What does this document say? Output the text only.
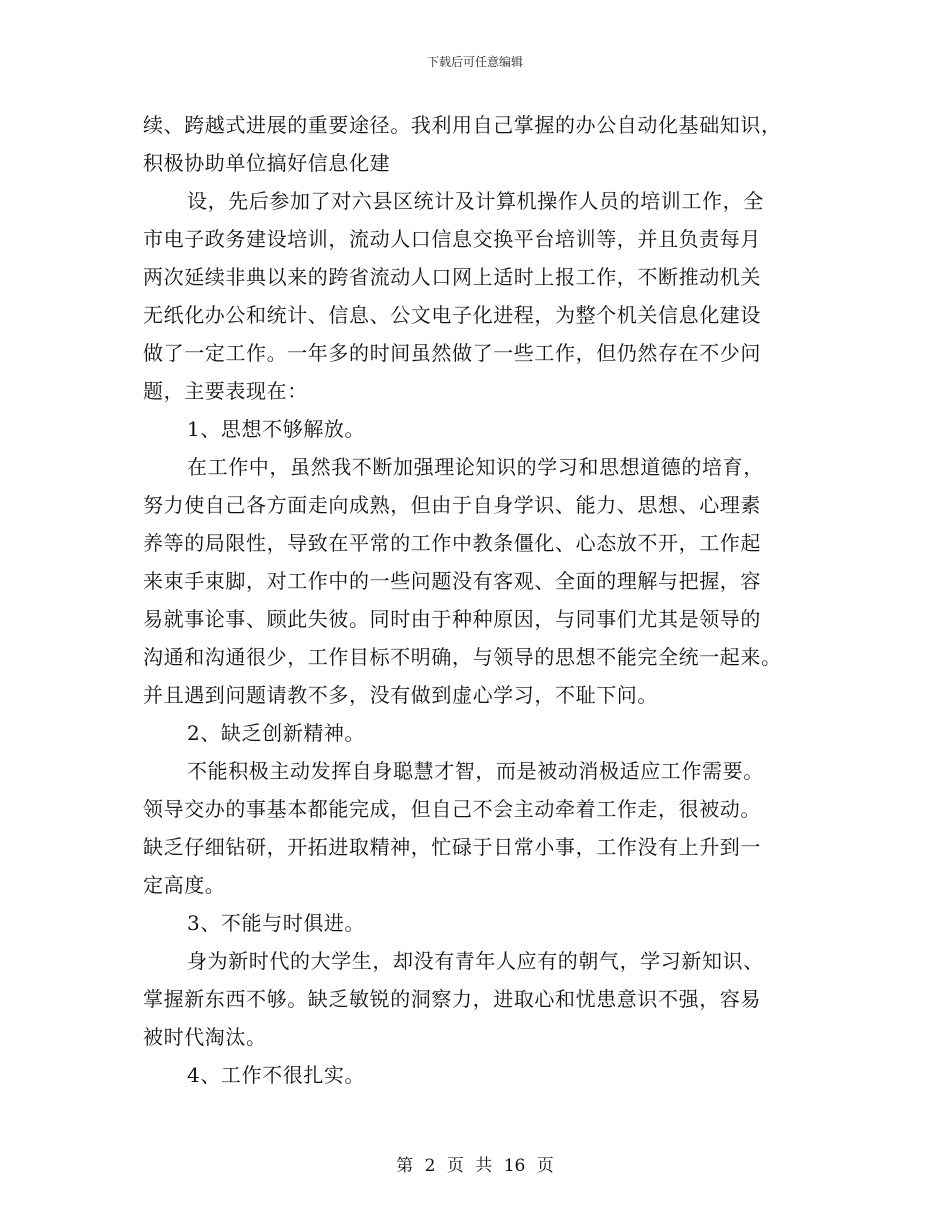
下载后可任意编辑
续、跨越式进展的重要途径。我利用自己掌握的办公自动化基础知识，
积极协助单位搞好信息化建
设，先后参加了对六县区统计及计算机操作人员的培训工作，全
市电子政务建设培训，流动人口信息交换平台培训等，并且负责每月
两次延续非典以来的跨省流动人口网上适时上报工作，不断推动机关
无纸化办公和统计、信息、公文电子化进程，为整个机关信息化建设
做了一定工作。一年多的时间虽然做了一些工作，但仍然存在不少问
题，主要表现在：
1、思想不够解放。
在工作中，虽然我不断加强理论知识的学习和思想道德的培育，
努力使自己各方面走向成熟，但由于自身学识、能力、思想、心理素
养等的局限性，导致在平常的工作中教条僵化、心态放不开，工作起
来束手束脚，对工作中的一些问题没有客观、全面的理解与把握，容
易就事论事、顾此失彼。同时由于种种原因，与同事们尤其是领导的
沟通和沟通很少，工作目标不明确，与领导的思想不能完全统一起来。
并且遇到问题请教不多，没有做到虚心学习，不耻下问。
2、缺乏创新精神。
不能积极主动发挥自身聪慧才智，而是被动消极适应工作需要。
领导交办的事基本都能完成，但自己不会主动牵着工作走，很被动。
缺乏仔细钻研，开拓进取精神，忙碌于日常小事，工作没有上升到一
定高度。
3、不能与时俱进。
身为新时代的大学生，却没有青年人应有的朝气，学习新知识、
掌握新东西不够。缺乏敏锐的洞察力，进取心和忧患意识不强，容易
被时代淘汰。
4、工作不很扎实。
第 2 页 共 16 页
